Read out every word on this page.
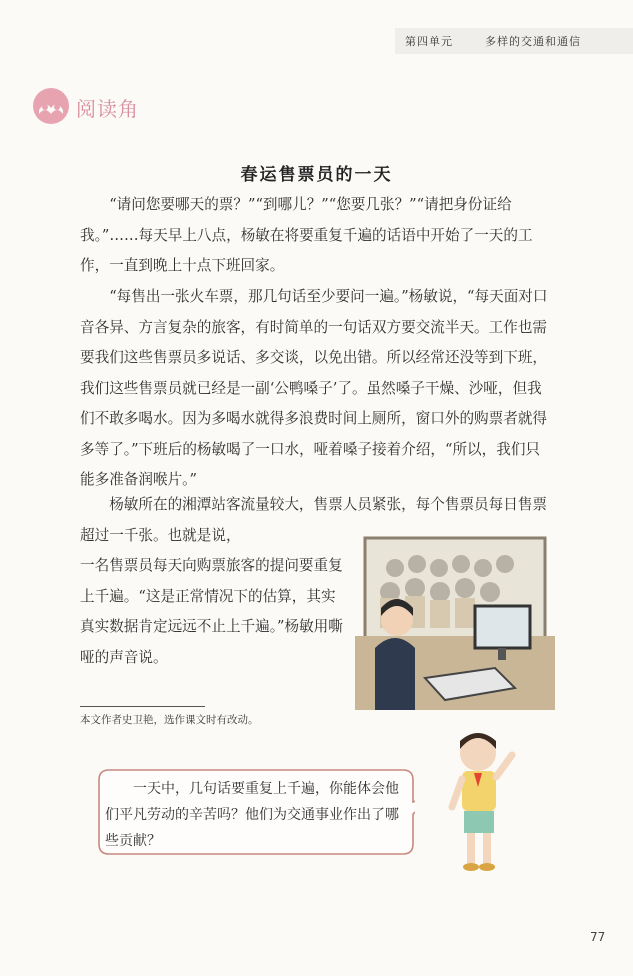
第四单元	多样的交通和通信
阅读角
春运售票员的一天

“请问您要哪天的票？”“到哪儿？”“您要几张？”“请把身份证给我。”……每天早上八点，杨敏在将要重复千遍的话语中开始了一天的工作，一直到晚上十点下班回家。

“每售出一张火车票，那几句话至少要问一遍。”杨敏说，“每天面对口音各异、方言复杂的旅客，有时简单的一句话双方要交流半天。工作也需要我们这些售票员多说话、多交谈，以免出错。所以经常还没等到下班，我们这些售票员就已经是一副‘公鸭嗓子’了。虽然嗓子干燥、沙哑，但我们不敢多喝水。因为多喝水就得多浪费时间上厕所，窗口外的购票者就得多等了。”下班后的杨敏喝了一口水，哑着嗓子接着介绍，“所以，我们只能多准备润喉片。”

杨敏所在的湘潭站客流量较大，售票人员紧张，每个售票员每日售票超过一千张。也就是说，

一名售票员每天向购票旅客的提问要重复上千遍。“这是正常情况下的估算，其实真实数据肯定远远不止上千遍。”杨敏用嘶哑的声音说。

本文作者史卫艳，选作课文时有改动。

一天中，几句话要重复上千遍，你能体会他们平凡劳动的辛苦吗？他们为交通事业作出了哪些贡献？

77
